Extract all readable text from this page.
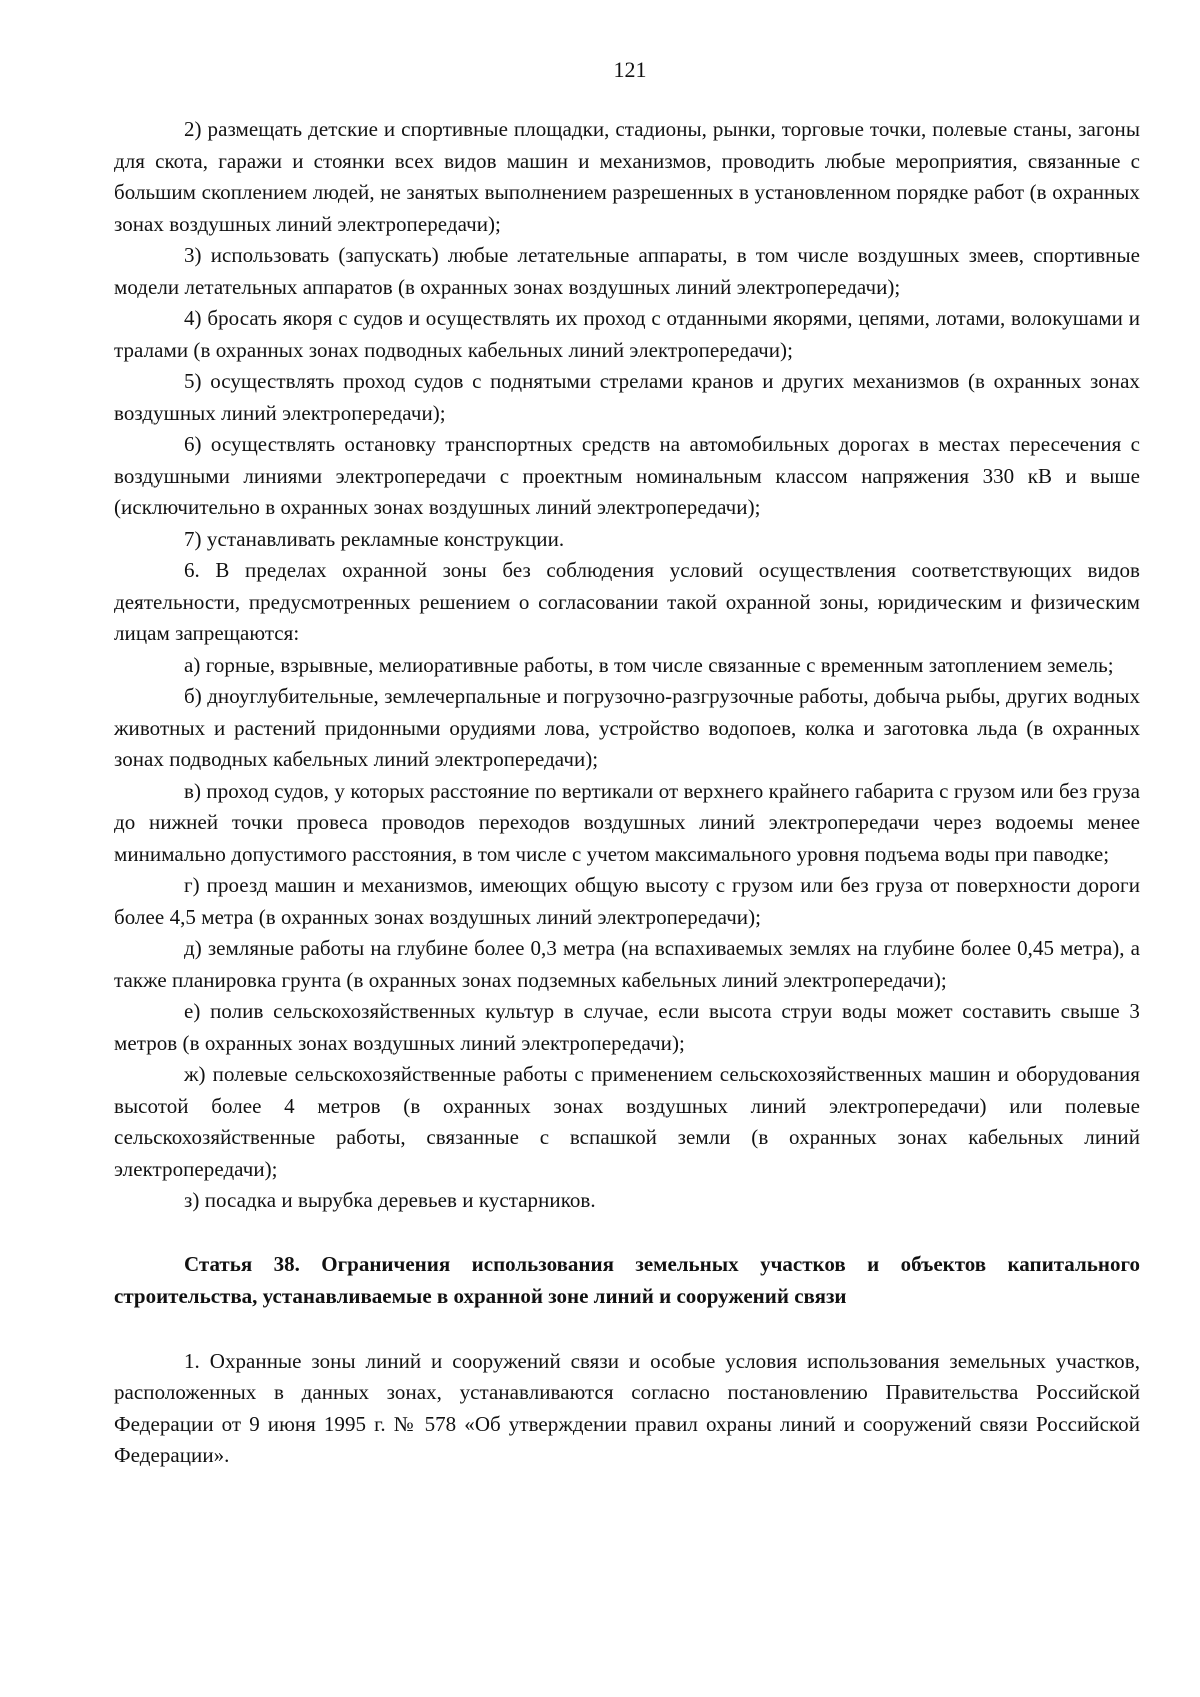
121

2) размещать детские и спортивные площадки, стадионы, рынки, торговые точки, полевые станы, загоны для скота, гаражи и стоянки всех видов машин и механизмов, проводить любые мероприятия, связанные с большим скоплением людей, не занятых выполнением разрешенных в установленном порядке работ (в охранных зонах воздушных линий электропередачи);

3) использовать (запускать) любые летательные аппараты, в том числе воздушных змеев, спортивные модели летательных аппаратов (в охранных зонах воздушных линий электропередачи);

4) бросать якоря с судов и осуществлять их проход с отданными якорями, цепями, лотами, волокушами и тралами (в охранных зонах подводных кабельных линий электропередачи);

5) осуществлять проход судов с поднятыми стрелами кранов и других механизмов (в охранных зонах воздушных линий электропередачи);

6) осуществлять остановку транспортных средств на автомобильных дорогах в местах пересечения с воздушными линиями электропередачи с проектным номинальным классом напряжения 330 кВ и выше (исключительно в охранных зонах воздушных линий электропередачи);

7) устанавливать рекламные конструкции.

6. В пределах охранной зоны без соблюдения условий осуществления соответствующих видов деятельности, предусмотренных решением о согласовании такой охранной зоны, юридическим и физическим лицам запрещаются:

а) горные, взрывные, мелиоративные работы, в том числе связанные с временным затоплением земель;

б) дноуглубительные, землечерпальные и погрузочно-разгрузочные работы, добыча рыбы, других водных животных и растений придонными орудиями лова, устройство водопоев, колка и заготовка льда (в охранных зонах подводных кабельных линий электропередачи);

в) проход судов, у которых расстояние по вертикали от верхнего крайнего габарита с грузом или без груза до нижней точки провеса проводов переходов воздушных линий электропередачи через водоемы менее минимально допустимого расстояния, в том числе с учетом максимального уровня подъема воды при паводке;

г) проезд машин и механизмов, имеющих общую высоту с грузом или без груза от поверхности дороги более 4,5 метра (в охранных зонах воздушных линий электропередачи);

д) земляные работы на глубине более 0,3 метра (на вспахиваемых землях на глубине более 0,45 метра), а также планировка грунта (в охранных зонах подземных кабельных линий электропередачи);

е) полив сельскохозяйственных культур в случае, если высота струи воды может составить свыше 3 метров (в охранных зонах воздушных линий электропередачи);

ж) полевые сельскохозяйственные работы с применением сельскохозяйственных машин и оборудования высотой более 4 метров (в охранных зонах воздушных линий электропередачи) или полевые сельскохозяйственные работы, связанные с вспашкой земли (в охранных зонах кабельных линий электропередачи);

з) посадка и вырубка деревьев и кустарников.

Статья 38. Ограничения использования земельных участков и объектов капитального строительства, устанавливаемые в охранной зоне линий и сооружений связи

1. Охранные зоны линий и сооружений связи и особые условия использования земельных участков, расположенных в данных зонах, устанавливаются согласно постановлению Правительства Российской Федерации от 9 июня 1995 г. № 578 «Об утверждении правил охраны линий и сооружений связи Российской Федерации».
